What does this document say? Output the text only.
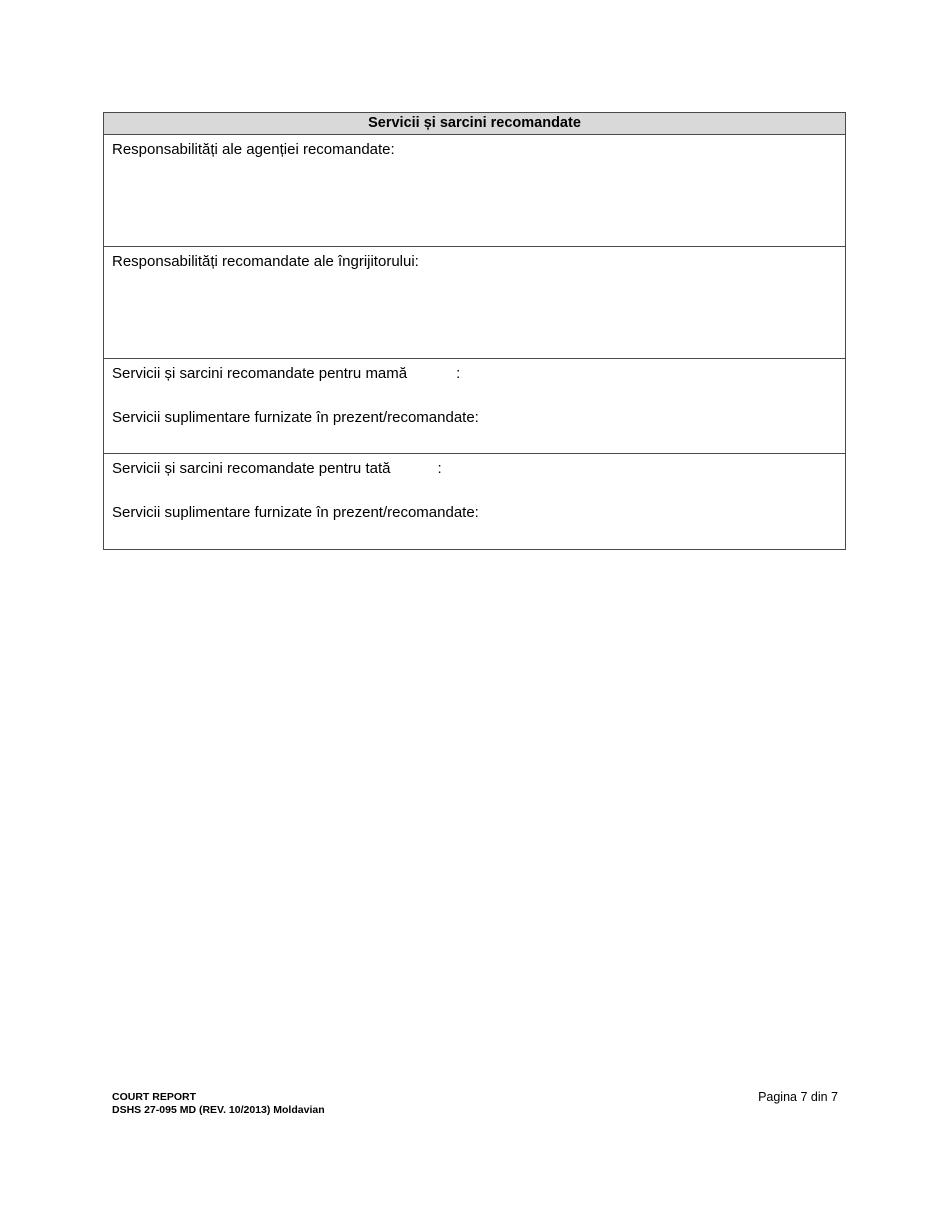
Servicii și sarcini recomandate
Responsabilități ale agenției recomandate:
Responsabilități recomandate ale îngrijitorului:
Servicii și sarcini recomandate pentru mamă	:
Servicii suplimentare furnizate în prezent/recomandate:
Servicii și sarcini recomandate pentru tată	:
Servicii suplimentare furnizate în prezent/recomandate:
COURT REPORT
DSHS 27-095 MD (REV. 10/2013) Moldavian
Pagina 7 din 7
